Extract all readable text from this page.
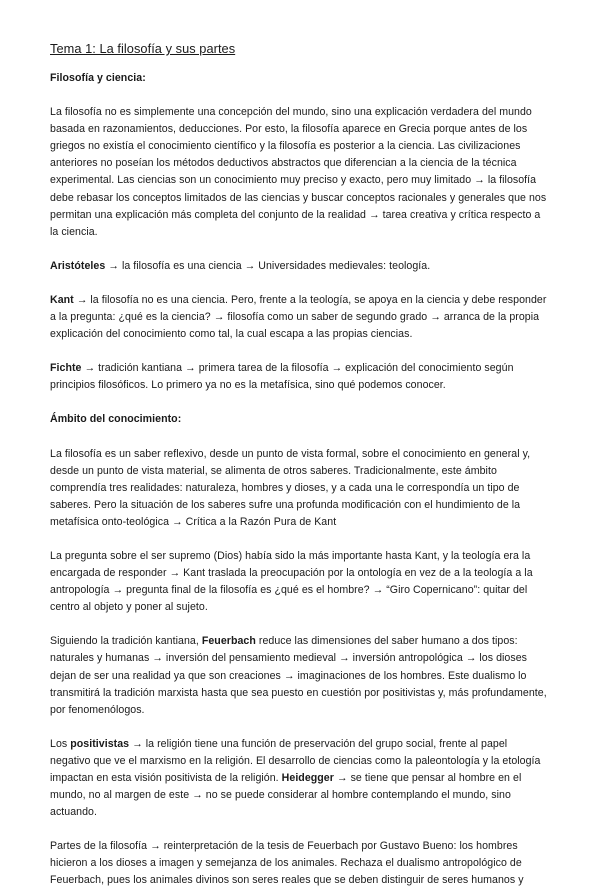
Tema 1: La filosofía y sus partes
Filosofía y ciencia:

La filosofía no es simplemente una concepción del mundo, sino una explicación verdadera del mundo basada en razonamientos, deducciones. Por esto, la filosofía aparece en Grecia porque antes de los griegos no existía el conocimiento científico y la filosofía es posterior a la ciencia. Las civilizaciones anteriores no poseían los métodos deductivos abstractos que diferencian a la ciencia de la técnica experimental. Las ciencias son un conocimiento muy preciso y exacto, pero muy limitado → la filosofía debe rebasar los conceptos limitados de las ciencias y buscar conceptos racionales y generales que nos permitan una explicación más completa del conjunto de la realidad → tarea creativa y crítica respecto a la ciencia.

Aristóteles → la filosofía es una ciencia → Universidades medievales: teología.

Kant → la filosofía no es una ciencia. Pero, frente a la teología, se apoya en la ciencia y debe responder a la pregunta: ¿qué es la ciencia? → filosofía como un saber de segundo grado → arranca de la propia explicación del conocimiento como tal, la cual escapa a las propias ciencias.

Fichte → tradición kantiana → primera tarea de la filosofía → explicación del conocimiento según principios filosóficos. Lo primero ya no es la metafísica, sino qué podemos conocer.

Ámbito del conocimiento:

La filosofía es un saber reflexivo, desde un punto de vista formal, sobre el conocimiento en general y, desde un punto de vista material, se alimenta de otros saberes. Tradicionalmente, este ámbito comprendía tres realidades: naturaleza, hombres y dioses, y a cada una le correspondía un tipo de saberes. Pero la situación de los saberes sufre una profunda modificación con el hundimiento de la metafísica onto-teológica → Crítica a la Razón Pura de Kant

La pregunta sobre el ser supremo (Dios) había sido la más importante hasta Kant, y la teología era la encargada de responder → Kant traslada la preocupación por la ontología en vez de a la teología a la antropología → pregunta final de la filosofía es ¿qué es el hombre? → “Giro Copernicano”: quitar del centro al objeto y poner al sujeto.

Siguiendo la tradición kantiana, Feuerbach reduce las dimensiones del saber humano a dos tipos: naturales y humanas → inversión del pensamiento medieval → inversión antropológica → los dioses dejan de ser una realidad ya que son creaciones → imaginaciones de los hombres. Este dualismo lo transmitirá la tradición marxista hasta que sea puesto en cuestión por positivistas y, más profundamente, por fenomenólogos.

Los positivistas → la religión tiene una función de preservación del grupo social, frente al papel negativo que ve el marxismo en la religión. El desarrollo de ciencias como la paleontología y la etología impactan en esta visión positivista de la religión. Heidegger → se tiene que pensar al hombre en el mundo, no al margen de este → no se puede considerar al hombre contemplando el mundo, sino actuando.

Partes de la filosofía → reinterpretación de la tesis de Feuerbach por Gustavo Bueno: los hombres hicieron a los dioses a imagen y semejanza de los animales. Rechaza el dualismo antropológico de Feuerbach, pues los animales divinos son seres reales que se deben distinguir de seres humanos y
